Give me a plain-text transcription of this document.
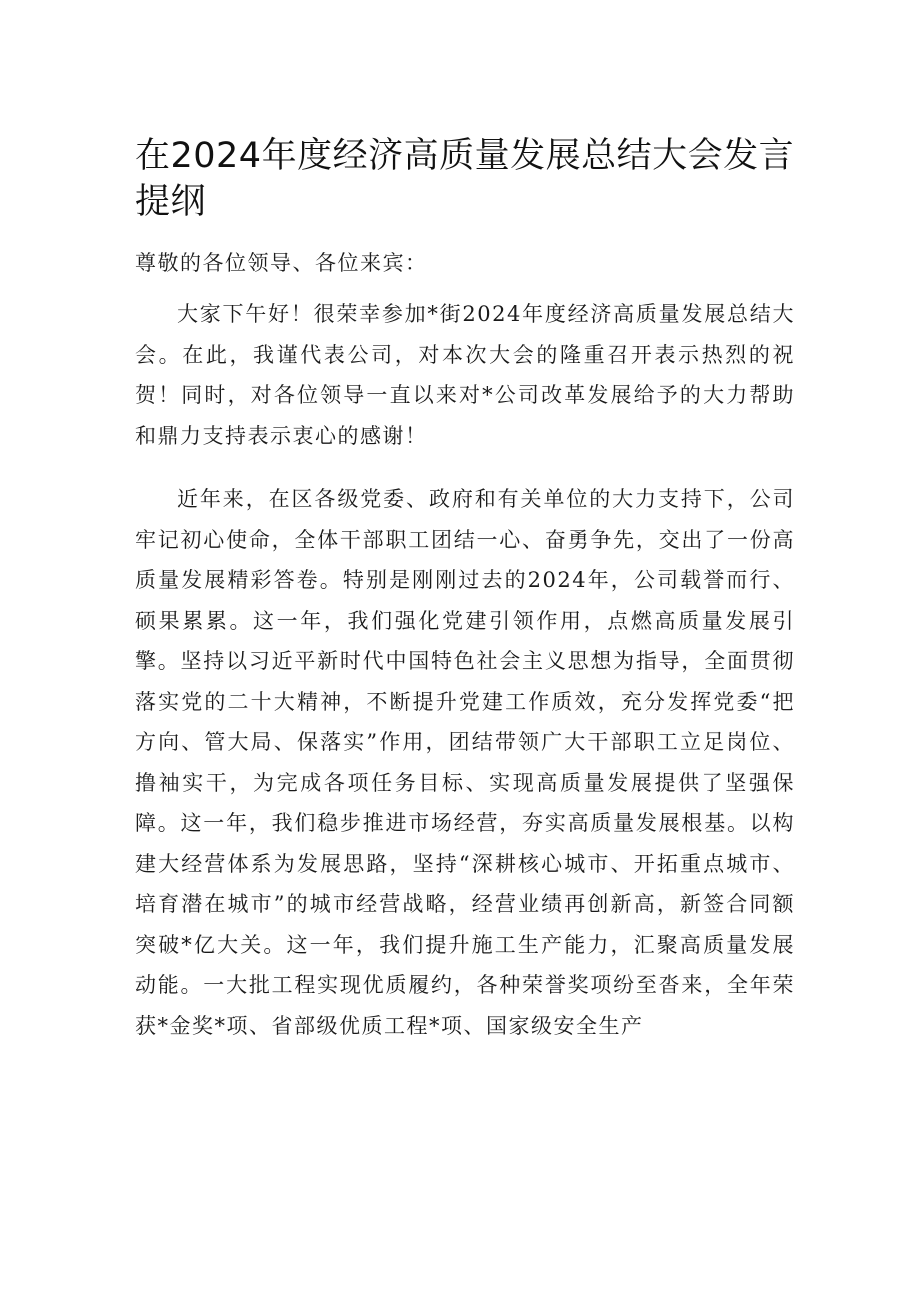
在2024年度经济高质量发展总结大会发言提纲

尊敬的各位领导、各位来宾：

大家下午好！很荣幸参加*街2024年度经济高质量发展总结大会。在此，我谨代表公司，对本次大会的隆重召开表示热烈的祝贺！同时，对各位领导一直以来对*公司改革发展给予的大力帮助和鼎力支持表示衷心的感谢！

近年来，在区各级党委、政府和有关单位的大力支持下，公司牢记初心使命，全体干部职工团结一心、奋勇争先，交出了一份高质量发展精彩答卷。特别是刚刚过去的2024年，公司载誉而行、硕果累累。这一年，我们强化党建引领作用，点燃高质量发展引擎。坚持以习近平新时代中国特色社会主义思想为指导，全面贯彻落实党的二十大精神，不断提升党建工作质效，充分发挥党委“把方向、管大局、保落实”作用，团结带领广大干部职工立足岗位、撸袖实干，为完成各项任务目标、实现高质量发展提供了坚强保障。这一年，我们稳步推进市场经营，夯实高质量发展根基。以构建大经营体系为发展思路，坚持“深耕核心城市、开拓重点城市、培育潜在城市”的城市经营战略，经营业绩再创新高，新签合同额突破*亿大关。这一年，我们提升施工生产能力，汇聚高质量发展动能。一大批工程实现优质履约，各种荣誉奖项纷至沓来，全年荣获*金奖*项、省部级优质工程*项、国家级安全生产
